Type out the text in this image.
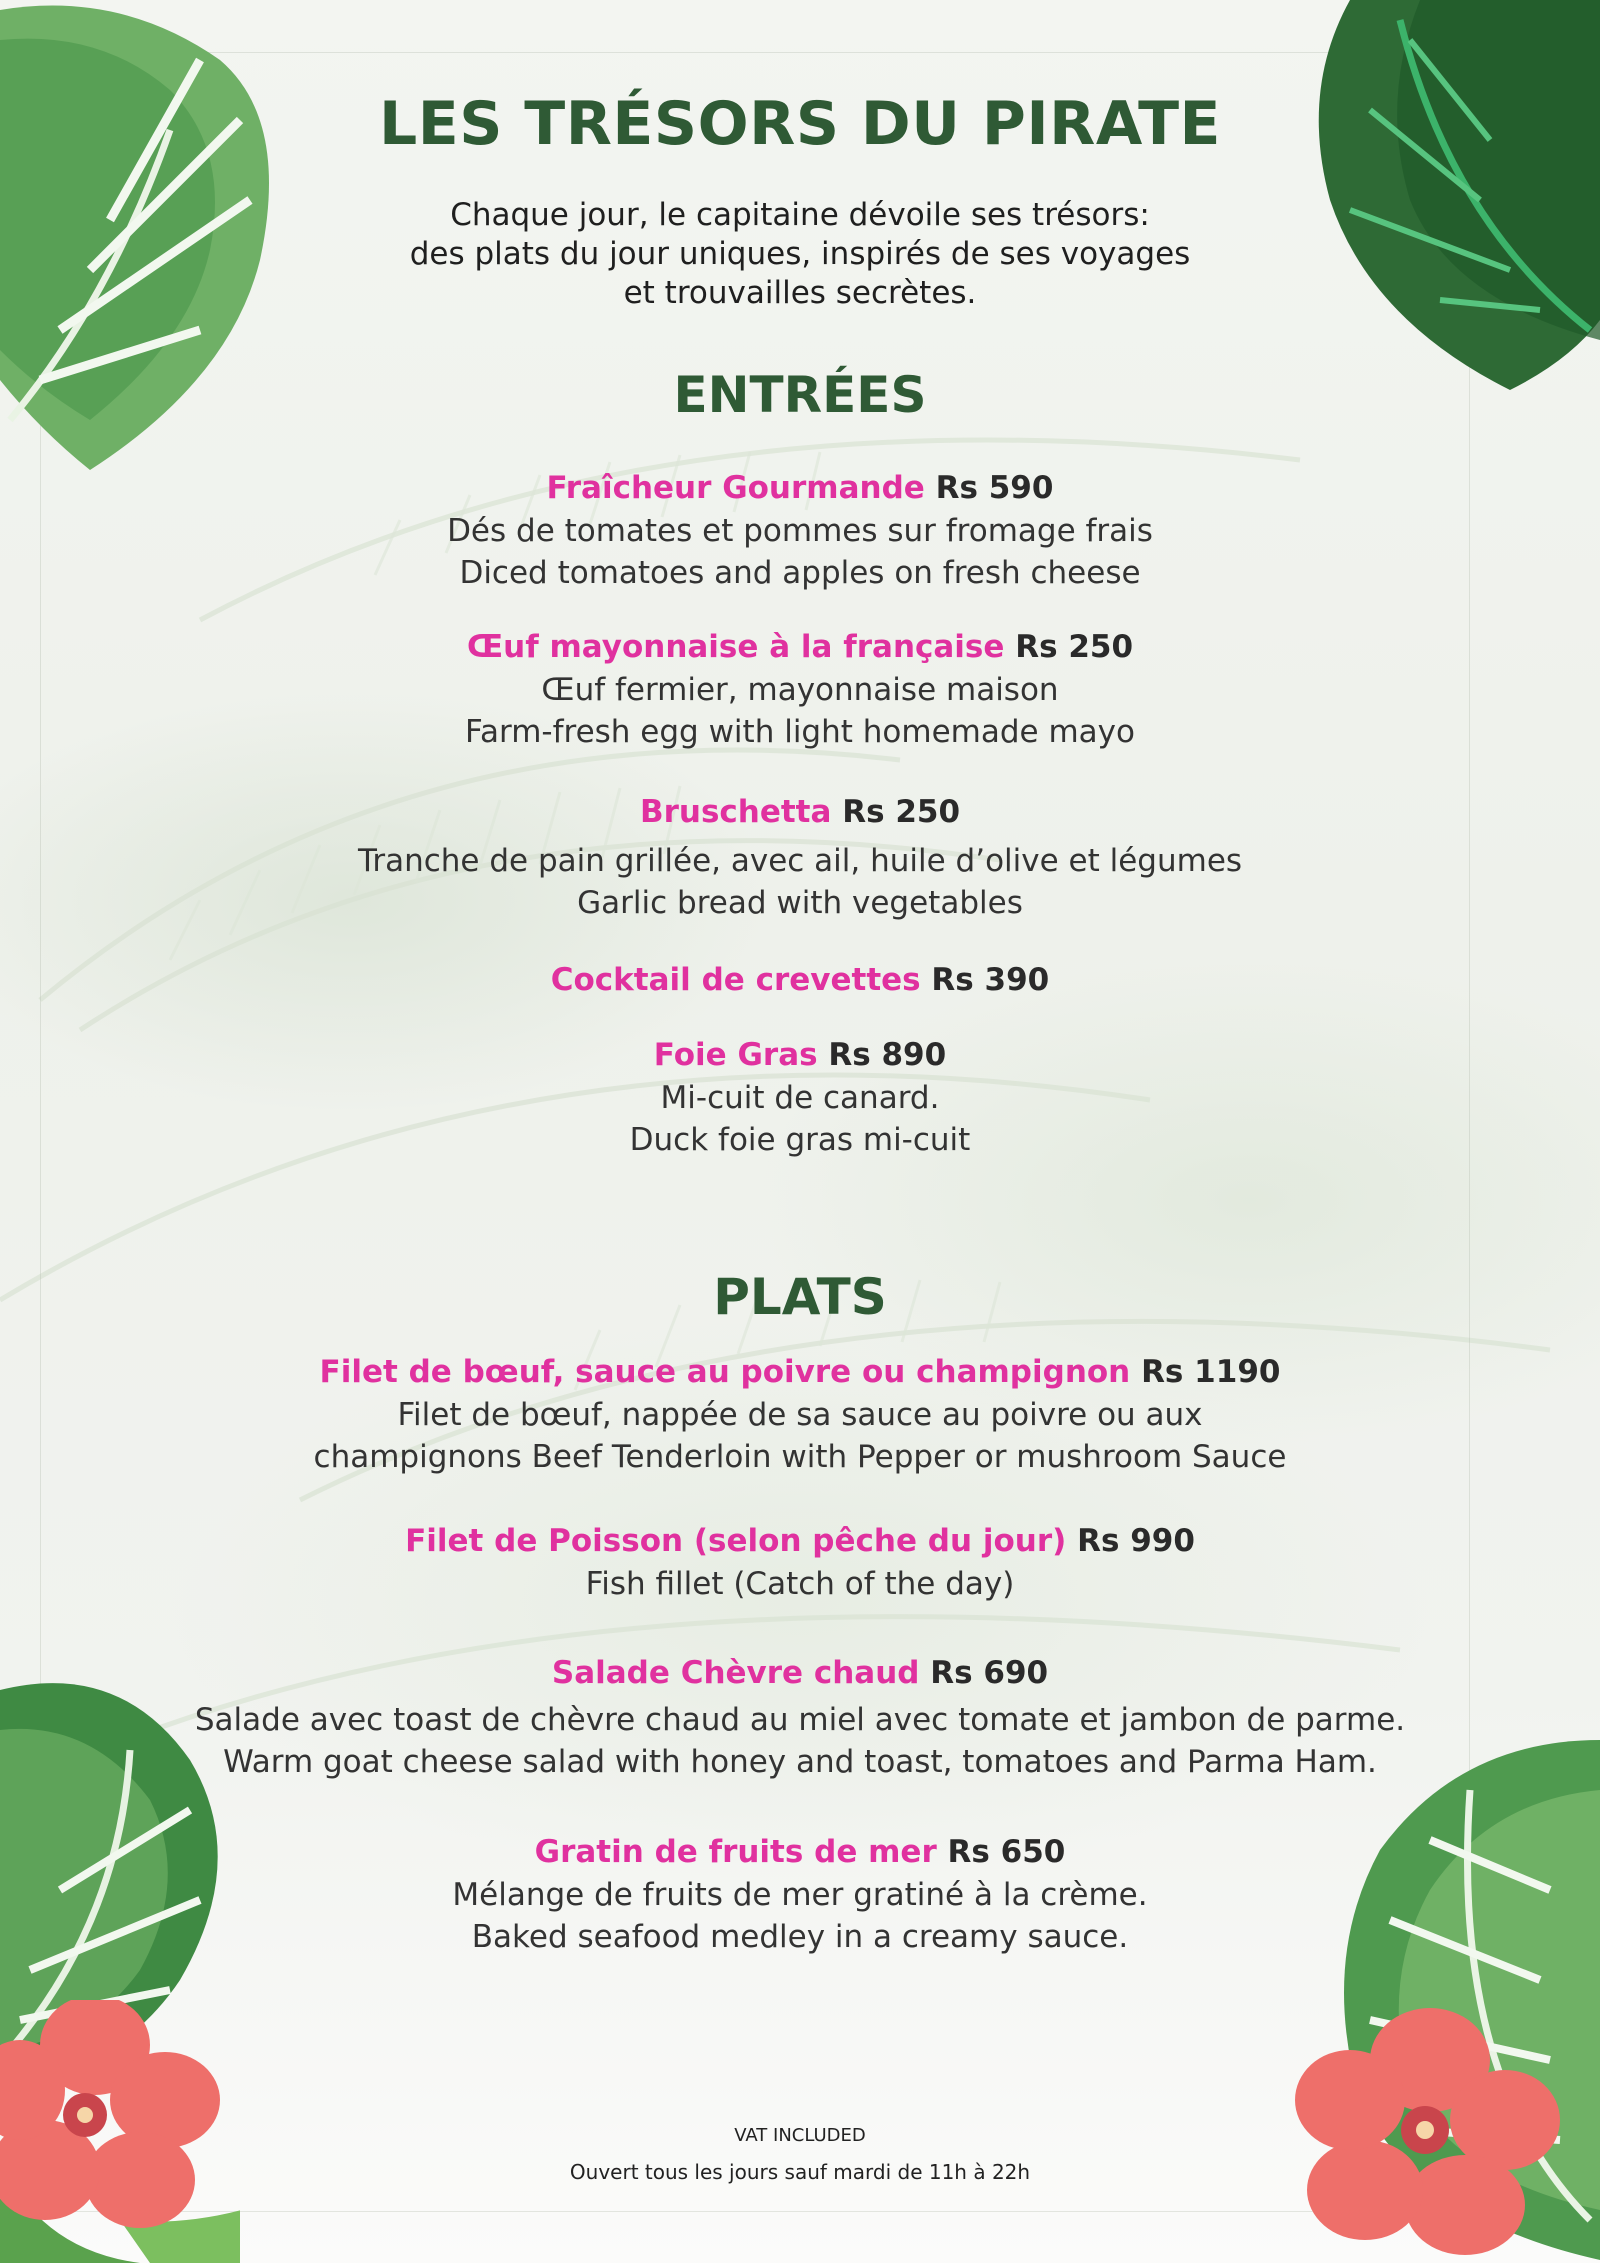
LES TRÉSORS DU PIRATE
Chaque jour, le capitaine dévoile ses trésors:
des plats du jour uniques, inspirés de ses voyages
et trouvailles secrètes.
ENTRÉES
Fraîcheur Gourmande Rs 590
Dés de tomates et pommes sur fromage frais
Diced tomatoes and apples on fresh cheese
Œuf mayonnaise à la française Rs 250
Œuf fermier, mayonnaise maison
Farm-fresh egg with light homemade mayo
Bruschetta Rs 250
Tranche de pain grillée, avec ail, huile d’olive et légumes
Garlic bread with vegetables
Cocktail de crevettes Rs 390
Foie Gras Rs 890
Mi-cuit de canard.
Duck foie gras mi-cuit
PLATS
Filet de bœuf, sauce au poivre ou champignon Rs 1190
Filet de bœuf, nappée de sa sauce au poivre ou aux
champignons Beef Tenderloin with Pepper or mushroom Sauce
Filet de Poisson (selon pêche du jour) Rs 990
Fish fillet (Catch of the day)
Salade Chèvre chaud Rs 690
Salade avec toast de chèvre chaud au miel avec tomate et jambon de parme.
Warm goat cheese salad with honey and toast, tomatoes and Parma Ham.
Gratin de fruits de mer Rs 650
Mélange de fruits de mer gratiné à la crème.
Baked seafood medley in a creamy sauce.
VAT INCLUDED
Ouvert tous les jours sauf mardi de 11h à 22h
